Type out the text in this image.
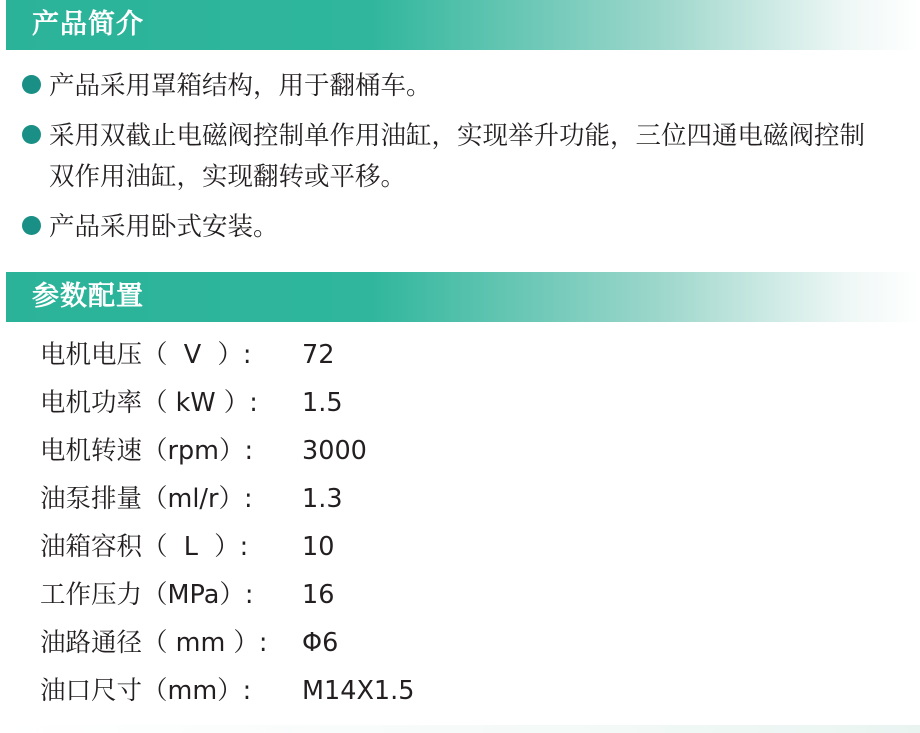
产品简介
产品采用罩箱结构，用于翻桶车。
采用双截止电磁阀控制单作用油缸，实现举升功能，三位四通电磁阀控制双作用油缸，实现翻转或平移。
产品采用卧式安装。
参数配置
电机电压（  V  ）:	72
电机功率（ kW ）:	1.5
电机转速（rpm）:	3000
油泵排量（ml/r）:	1.3
油箱容积（  L  ）:	10
工作压力（MPa）:	16
油路通径（ mm ）:	Φ6
油口尺寸（mm）:	M14X1.5
